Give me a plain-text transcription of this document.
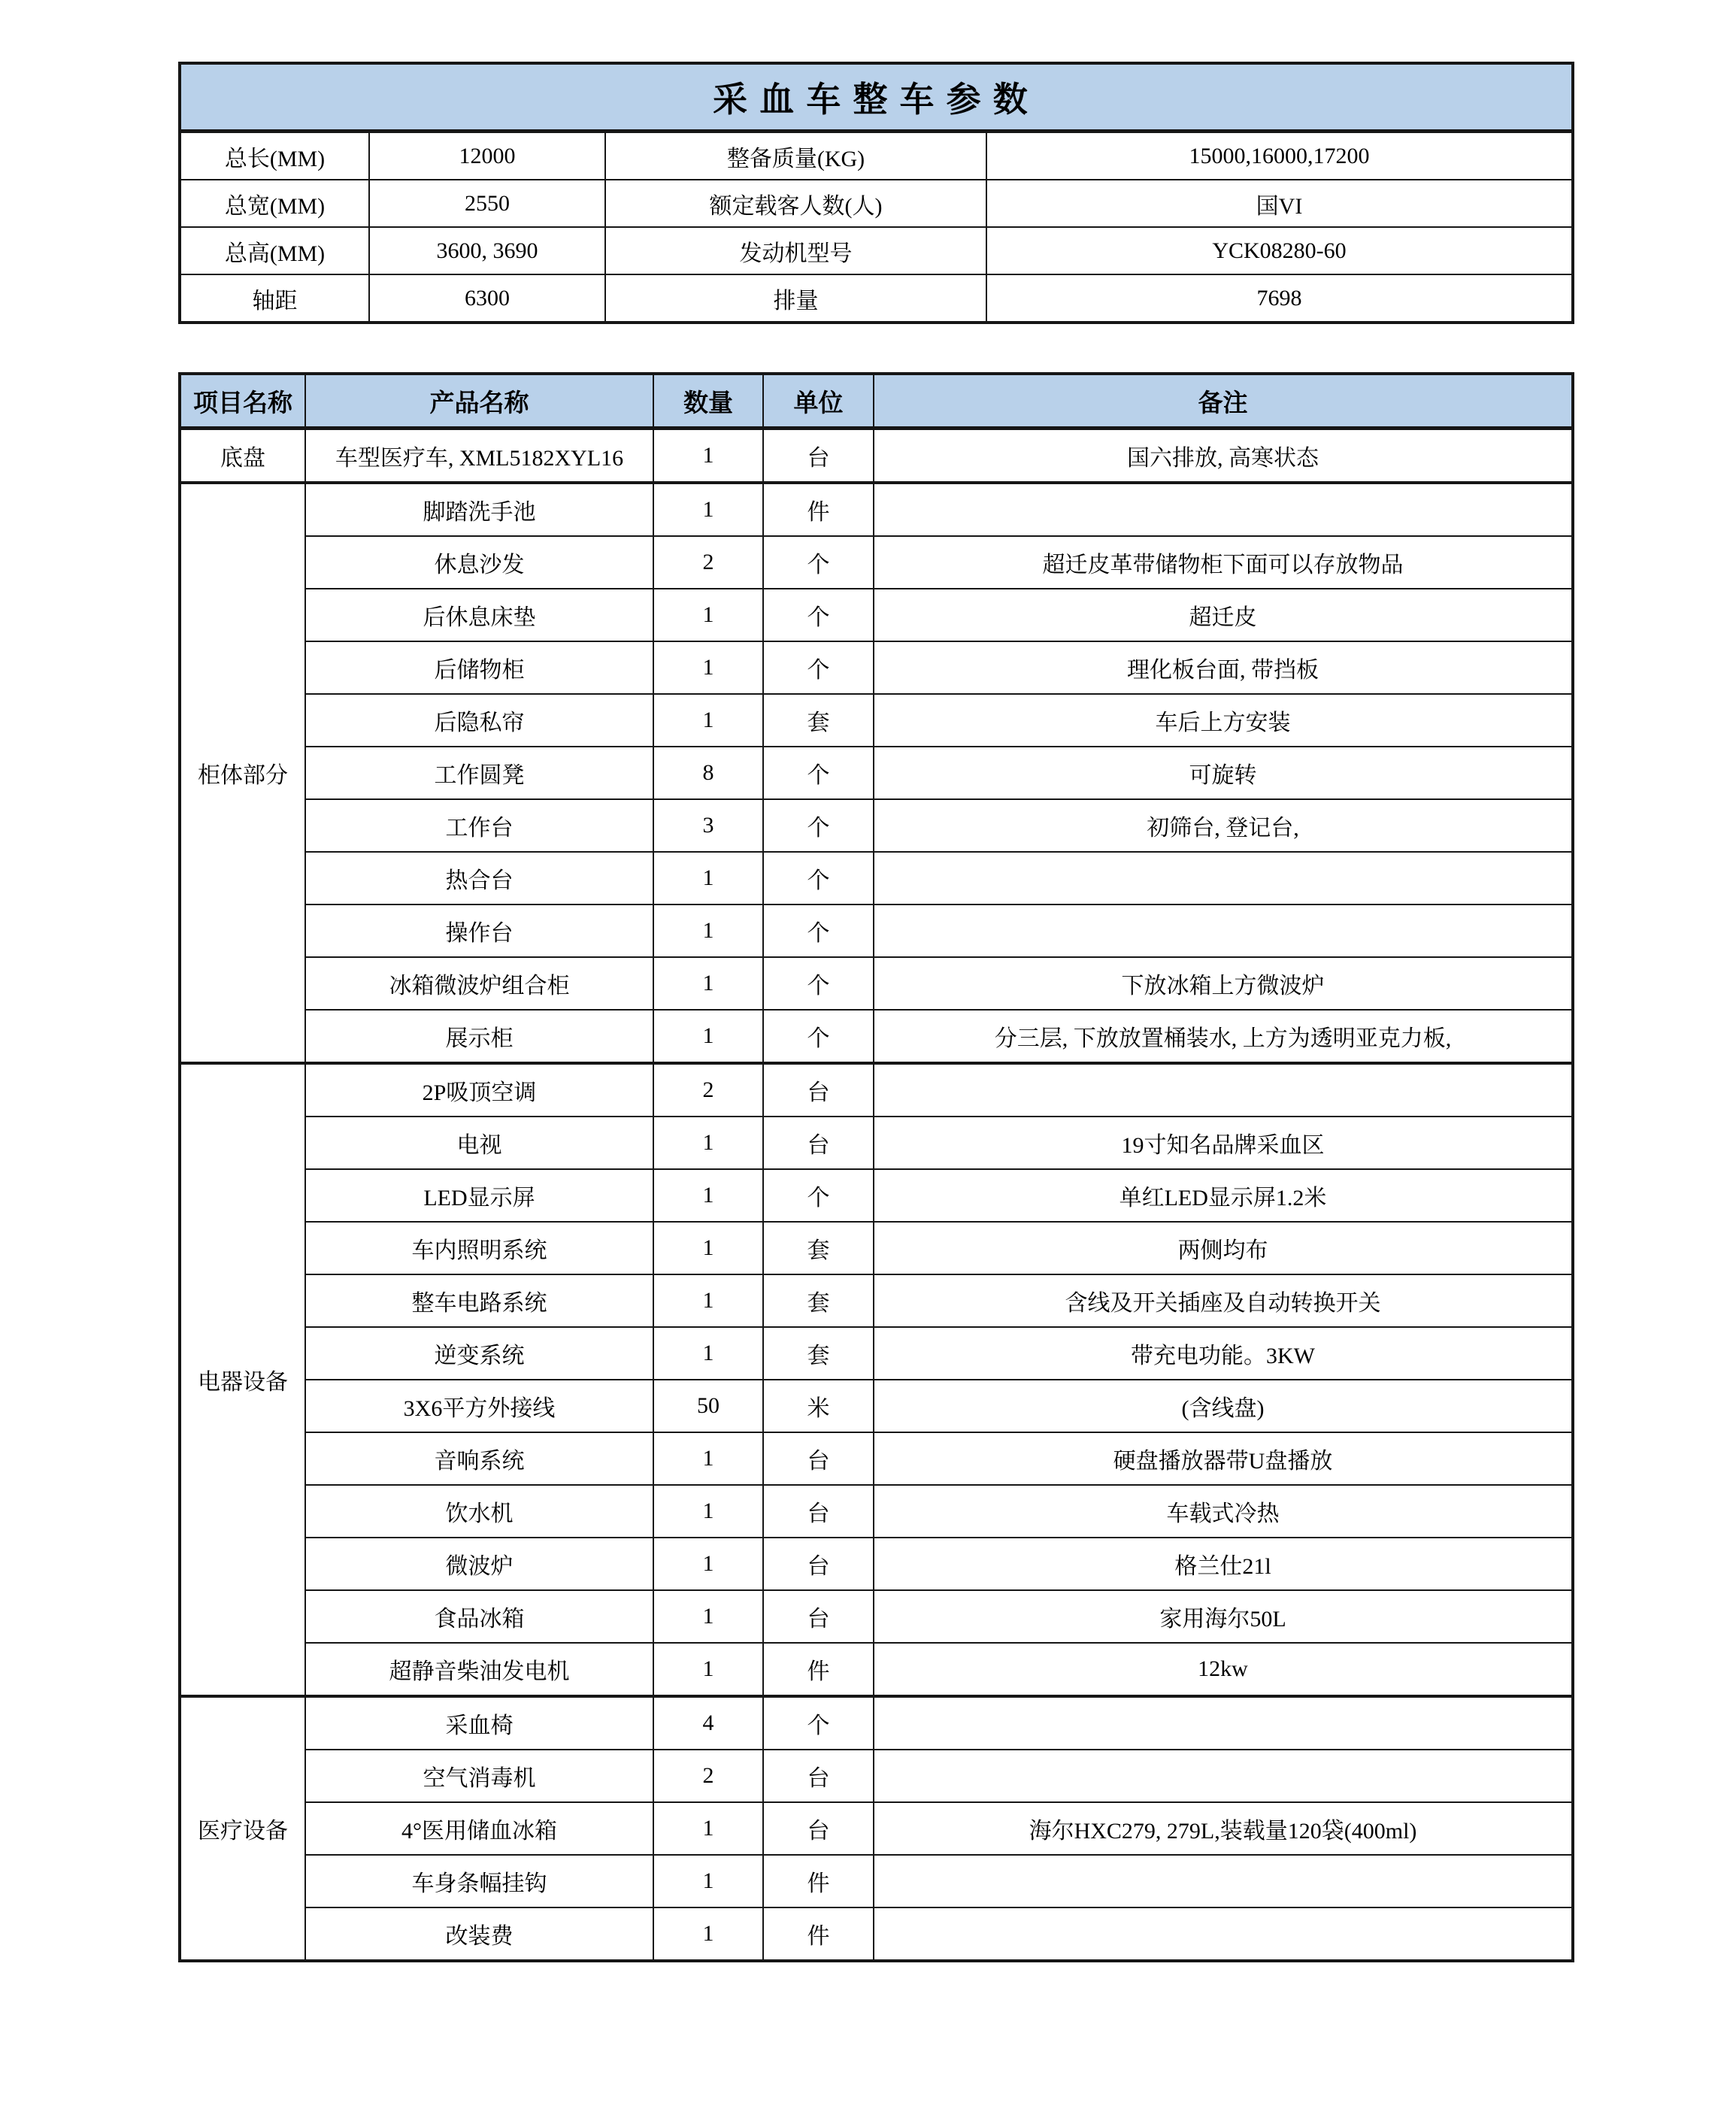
采血车整车参数			
总长(MM)	12000	整备质量(KG)	15000,16000,17200
总宽(MM)	2550	额定载客人数(人)	国VI
总高(MM)	3600, 3690	发动机型号	YCK08280-60
轴距	6300	排量	7698
项目名称	产品名称	数量	单位	备注
底盘	车型医疗车, XML5182XYL16	1	台	国六排放, 高寒状态
柜体部分	脚踏洗手池	1	件	
	休息沙发	2	个	超迁皮革带储物柜下面可以存放物品
	后休息床垫	1	个	超迁皮
	后储物柜	1	个	理化板台面, 带挡板
	后隐私帘	1	套	车后上方安装
	工作圆凳	8	个	可旋转
	工作台	3	个	初筛台, 登记台,
	热合台	1	个	
	操作台	1	个	
	冰箱微波炉组合柜	1	个	下放冰箱上方微波炉
	展示柜	1	个	分三层, 下放放置桶装水, 上方为透明亚克力板,
电器设备	2P吸顶空调	2	台	
	电视	1	台	19寸知名品牌采血区
	LED显示屏	1	个	单红LED显示屏1.2米
	车内照明系统	1	套	两侧均布
	整车电路系统	1	套	含线及开关插座及自动转换开关
	逆变系统	1	套	带充电功能。3KW
	3X6平方外接线	50	米	(含线盘)
	音响系统	1	台	硬盘播放器带U盘播放
	饮水机	1	台	车载式冷热
	微波炉	1	台	格兰仕21l
	食品冰箱	1	台	家用海尔50L
	超静音柴油发电机	1	件	12kw
医疗设备	采血椅	4	个	
	空气消毒机	2	台	
	4°医用储血冰箱	1	台	海尔HXC279, 279L,装载量120袋(400ml)
	车身条幅挂钩	1	件	
	改装费	1	件	
